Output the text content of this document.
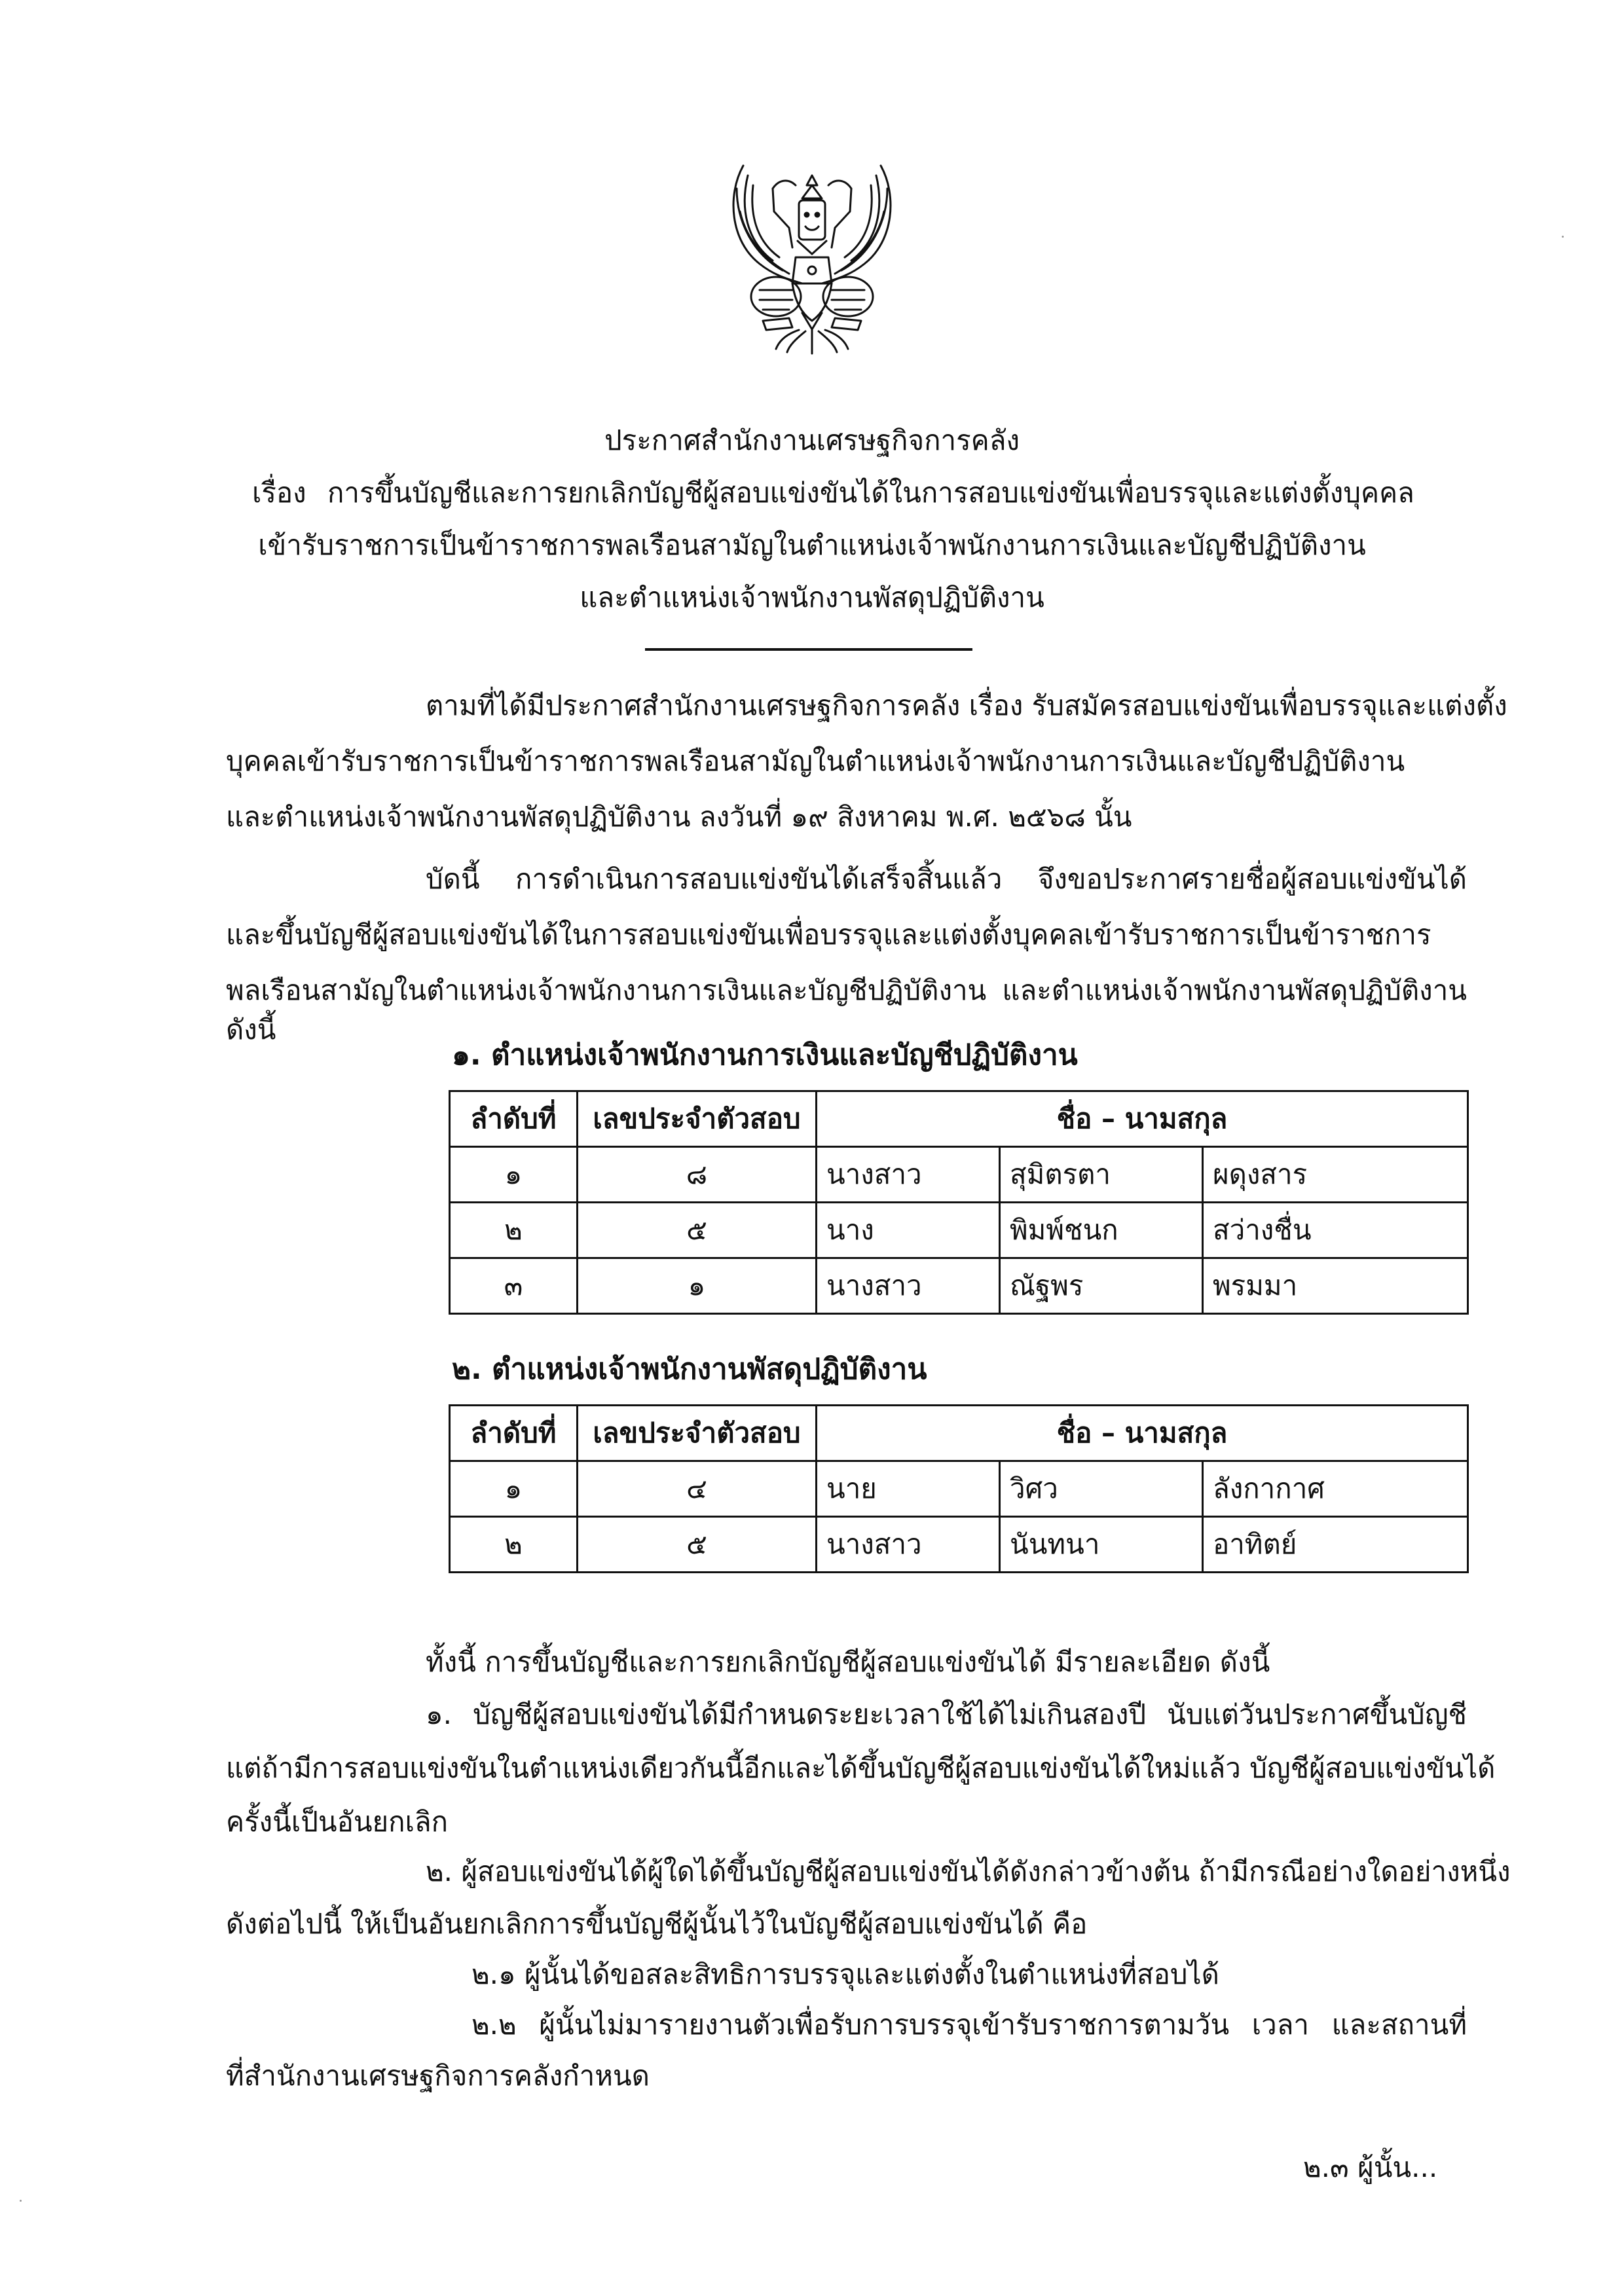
ประกาศสำนักงานเศรษฐกิจการคลัง
เรื่อง การขึ้นบัญชีและการยกเลิกบัญชีผู้สอบแข่งขันได้ในการสอบแข่งขันเพื่อบรรจุและแต่งตั้งบุคคล
เข้ารับราชการเป็นข้าราชการพลเรือนสามัญในตำแหน่งเจ้าพนักงานการเงินและบัญชีปฏิบัติงาน
และตำแหน่งเจ้าพนักงานพัสดุปฏิบัติงาน
ตามที่ได้มีประกาศสำนักงานเศรษฐกิจการคลัง เรื่อง รับสมัครสอบแข่งขันเพื่อบรรจุและแต่งตั้ง
บุคคลเข้ารับราชการเป็นข้าราชการพลเรือนสามัญในตำแหน่งเจ้าพนักงานการเงินและบัญชีปฏิบัติงาน
และตำแหน่งเจ้าพนักงานพัสดุปฏิบัติงาน ลงวันที่ ๑๙ สิงหาคม พ.ศ. ๒๕๖๘ นั้น
บัดนี้ การดำเนินการสอบแข่งขันได้เสร็จสิ้นแล้ว จึงขอประกาศรายชื่อผู้สอบแข่งขันได้
และขึ้นบัญชีผู้สอบแข่งขันได้ในการสอบแข่งขันเพื่อบรรจุและแต่งตั้งบุคคลเข้ารับราชการเป็นข้าราชการ
พลเรือนสามัญในตำแหน่งเจ้าพนักงานการเงินและบัญชีปฏิบัติงาน และตำแหน่งเจ้าพนักงานพัสดุปฏิบัติงาน
ดังนี้
๑. ตำแหน่งเจ้าพนักงานการเงินและบัญชีปฏิบัติงาน
ลำดับที่	เลขประจำตัวสอบ	ชื่อ – นามสกุล		
๑	๘	นางสาว	สุมิตรตา	ผดุงสาร
๒	๕	นาง	พิมพ์ชนก	สว่างชื่น
๓	๑	นางสาว	ณัฐพร	พรมมา
๒. ตำแหน่งเจ้าพนักงานพัสดุปฏิบัติงาน
ลำดับที่	เลขประจำตัวสอบ	ชื่อ – นามสกุล		
๑	๔	นาย	วิศว	ลังกากาศ
๒	๕	นางสาว	นันทนา	อาทิตย์
ทั้งนี้ การขึ้นบัญชีและการยกเลิกบัญชีผู้สอบแข่งขันได้ มีรายละเอียด ดังนี้
๑. บัญชีผู้สอบแข่งขันได้มีกำหนดระยะเวลาใช้ได้ไม่เกินสองปี นับแต่วันประกาศขึ้นบัญชี
แต่ถ้ามีการสอบแข่งขันในตำแหน่งเดียวกันนี้อีกและได้ขึ้นบัญชีผู้สอบแข่งขันได้ใหม่แล้ว บัญชีผู้สอบแข่งขันได้
ครั้งนี้เป็นอันยกเลิก
๒. ผู้สอบแข่งขันได้ผู้ใดได้ขึ้นบัญชีผู้สอบแข่งขันได้ดังกล่าวข้างต้น ถ้ามีกรณีอย่างใดอย่างหนึ่ง
ดังต่อไปนี้ ให้เป็นอันยกเลิกการขึ้นบัญชีผู้นั้นไว้ในบัญชีผู้สอบแข่งขันได้ คือ
๒.๑ ผู้นั้นได้ขอสละสิทธิการบรรจุและแต่งตั้งในตำแหน่งที่สอบได้
๒.๒ ผู้นั้นไม่มารายงานตัวเพื่อรับการบรรจุเข้ารับราชการตามวัน เวลา และสถานที่
ที่สำนักงานเศรษฐกิจการคลังกำหนด
๒.๓ ผู้นั้น...
